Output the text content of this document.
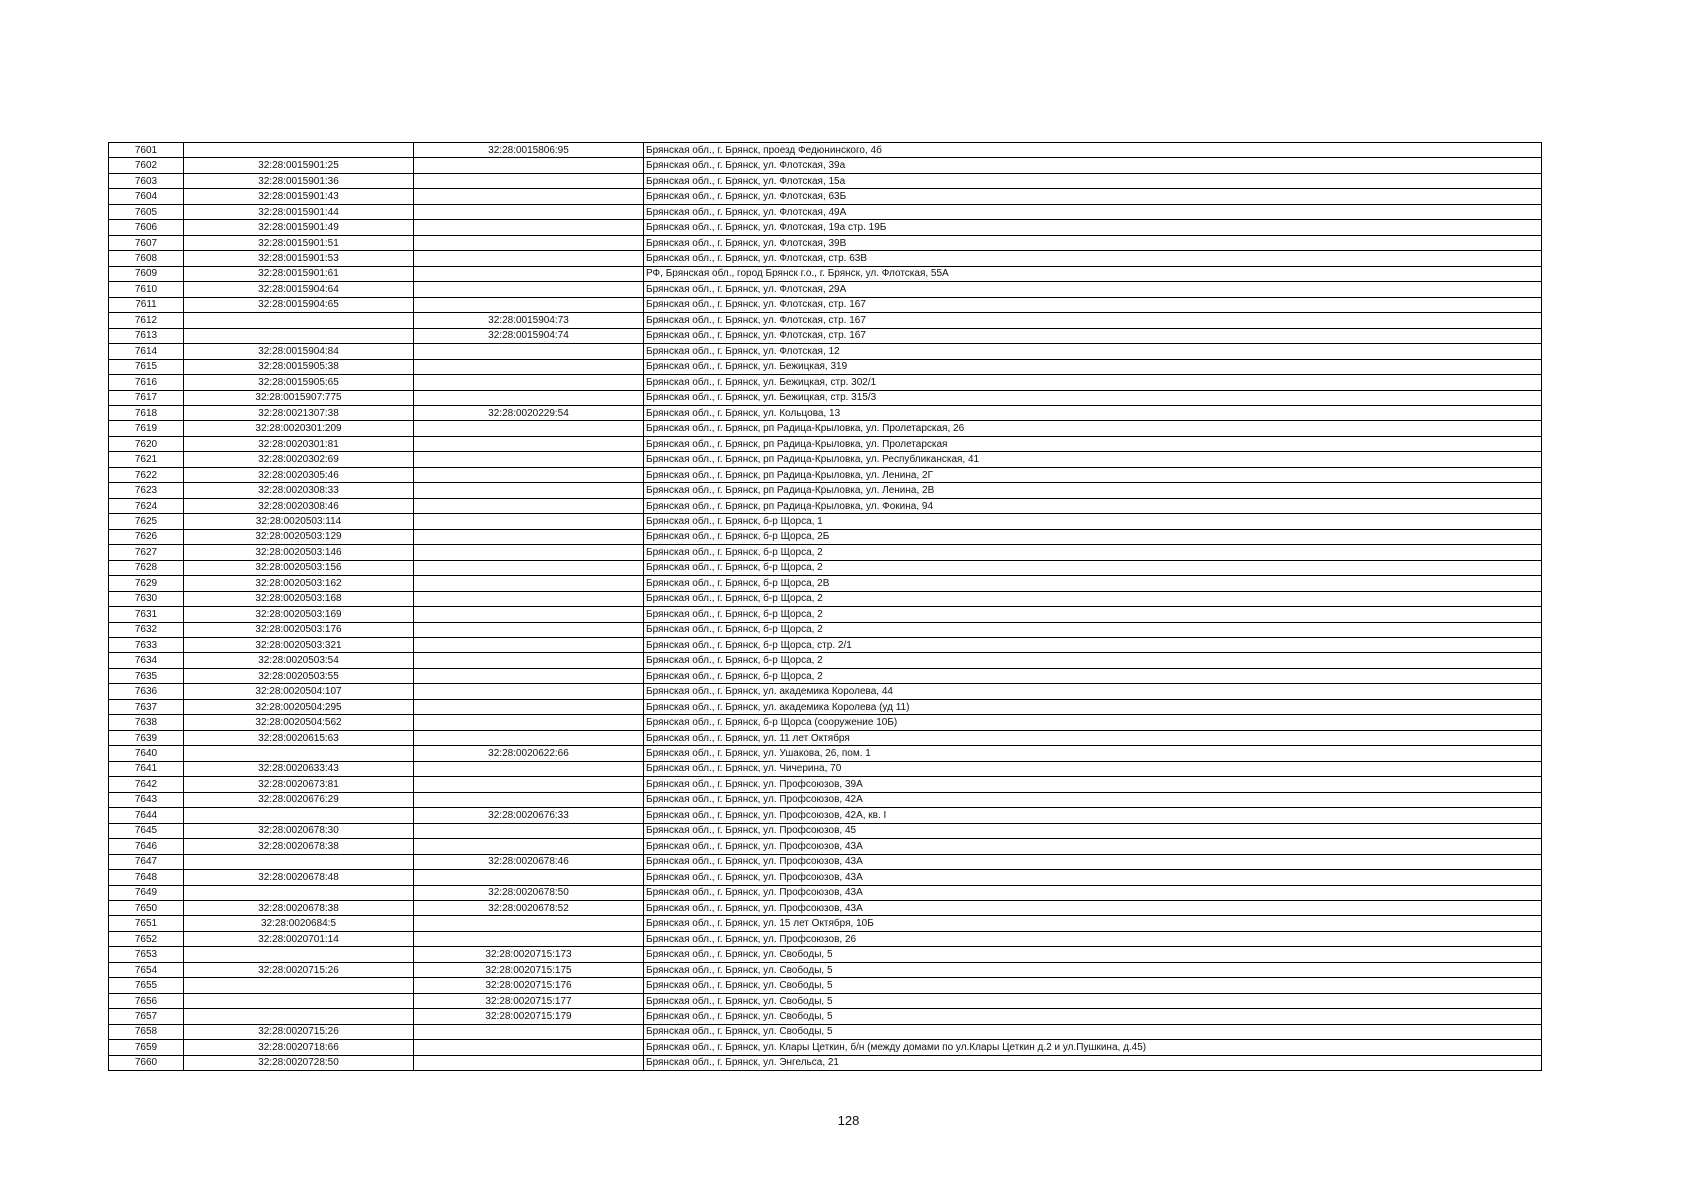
7601		32:28:0015806:95	Брянская обл., г. Брянск, проезд Федюнинского, 4б
7602	32:28:0015901:25		Брянская обл., г. Брянск, ул. Флотская, 39а
7603	32:28:0015901:36		Брянская обл., г. Брянск, ул. Флотская, 15а
7604	32:28:0015901:43		Брянская обл., г. Брянск, ул. Флотская, 63Б
7605	32:28:0015901:44		Брянская обл., г. Брянск, ул. Флотская, 49А
7606	32:28:0015901:49		Брянская обл., г. Брянск, ул. Флотская, 19а стр. 19Б
7607	32:28:0015901:51		Брянская обл., г. Брянск, ул. Флотская, 39В
7608	32:28:0015901:53		Брянская обл., г. Брянск, ул. Флотская, стр. 63В
7609	32:28:0015901:61		РФ, Брянская обл., город Брянск г.о., г. Брянск, ул. Флотская, 55А
7610	32:28:0015904:64		Брянская обл., г. Брянск, ул. Флотская, 29А
7611	32:28:0015904:65		Брянская обл., г. Брянск, ул. Флотская, стр. 167
7612		32:28:0015904:73	Брянская обл., г. Брянск, ул. Флотская, стр. 167
7613		32:28:0015904:74	Брянская обл., г. Брянск, ул. Флотская, стр. 167
7614	32:28:0015904:84		Брянская обл., г. Брянск, ул. Флотская, 12
7615	32:28:0015905:38		Брянская обл., г. Брянск, ул. Бежицкая, 319
7616	32:28:0015905:65		Брянская обл., г. Брянск, ул. Бежицкая, стр. 302/1
7617	32:28:0015907:775		Брянская обл., г. Брянск, ул. Бежицкая, стр. 315/3
7618	32:28:0021307:38	32:28:0020229:54	Брянская обл., г. Брянск, ул. Кольцова, 13
7619	32:28:0020301:209		Брянская обл., г. Брянск, рп Радица-Крыловка, ул. Пролетарская, 26
7620	32:28:0020301:81		Брянская обл., г. Брянск, рп Радица-Крыловка, ул. Пролетарская
7621	32:28:0020302:69		Брянская обл., г. Брянск, рп Радица-Крыловка, ул. Республиканская, 41
7622	32:28:0020305:46		Брянская обл., г. Брянск, рп Радица-Крыловка, ул. Ленина, 2Г
7623	32:28:0020308:33		Брянская обл., г. Брянск, рп Радица-Крыловка, ул. Ленина, 2В
7624	32:28:0020308:46		Брянская обл., г. Брянск, рп Радица-Крыловка, ул. Фокина, 94
7625	32:28:0020503:114		Брянская обл., г. Брянск, б-р Щорса, 1
7626	32:28:0020503:129		Брянская обл., г. Брянск, б-р Щорса, 2Б
7627	32:28:0020503:146		Брянская обл., г. Брянск, б-р Щорса, 2
7628	32:28:0020503:156		Брянская обл., г. Брянск, б-р Щорса, 2
7629	32:28:0020503:162		Брянская обл., г. Брянск, б-р Щорса, 2В
7630	32:28:0020503:168		Брянская обл., г. Брянск, б-р Щорса, 2
7631	32:28:0020503:169		Брянская обл., г. Брянск, б-р Щорса, 2
7632	32:28:0020503:176		Брянская обл., г. Брянск, б-р Щорса, 2
7633	32:28:0020503:321		Брянская обл., г. Брянск, б-р Щорса, стр. 2/1
7634	32:28:0020503:54		Брянская обл., г. Брянск, б-р Щорса, 2
7635	32:28:0020503:55		Брянская обл., г. Брянск, б-р Щорса, 2
7636	32:28:0020504:107		Брянская обл., г. Брянск, ул. академика Королева, 44
7637	32:28:0020504:295		Брянская обл., г. Брянск, ул. академика Королева (уд 11)
7638	32:28:0020504:562		Брянская обл., г. Брянск, б-р Щорса (сооружение 10Б)
7639	32:28:0020615:63		Брянская обл., г. Брянск, ул. 11 лет Октября
7640		32:28:0020622:66	Брянская обл., г. Брянск, ул. Ушакова, 26, пом. 1
7641	32:28:0020633:43		Брянская обл., г. Брянск, ул. Чичерина, 70
7642	32:28:0020673:81		Брянская обл., г. Брянск, ул. Профсоюзов, 39А
7643	32:28:0020676:29		Брянская обл., г. Брянск, ул. Профсоюзов, 42А
7644		32:28:0020676:33	Брянская обл., г. Брянск, ул. Профсоюзов, 42А, кв. I
7645	32:28:0020678:30		Брянская обл., г. Брянск, ул. Профсоюзов, 45
7646	32:28:0020678:38		Брянская обл., г. Брянск, ул. Профсоюзов, 43А
7647		32:28:0020678:46	Брянская обл., г. Брянск, ул. Профсоюзов, 43А
7648	32:28:0020678:48		Брянская обл., г. Брянск, ул. Профсоюзов, 43А
7649		32:28:0020678:50	Брянская обл., г. Брянск, ул. Профсоюзов, 43А
7650	32:28:0020678:38	32:28:0020678:52	Брянская обл., г. Брянск, ул. Профсоюзов, 43А
7651	32:28:0020684:5		Брянская обл., г. Брянск, ул. 15 лет Октября, 10Б
7652	32:28:0020701:14		Брянская обл., г. Брянск, ул. Профсоюзов, 26
7653		32:28:0020715:173	Брянская обл., г. Брянск, ул. Свободы, 5
7654	32:28:0020715:26	32:28:0020715:175	Брянская обл., г. Брянск, ул. Свободы, 5
7655		32:28:0020715:176	Брянская обл., г. Брянск, ул. Свободы, 5
7656		32:28:0020715:177	Брянская обл., г. Брянск, ул. Свободы, 5
7657		32:28:0020715:179	Брянская обл., г. Брянск, ул. Свободы, 5
7658	32:28:0020715:26		Брянская обл., г. Брянск, ул. Свободы, 5
7659	32:28:0020718:66		Брянская обл., г. Брянск, ул. Клары Цеткин, б/н (между домами по ул.Клары Цеткин д.2 и ул.Пушкина, д.45)
7660	32:28:0020728:50		Брянская обл., г. Брянск, ул. Энгельса, 21
128
